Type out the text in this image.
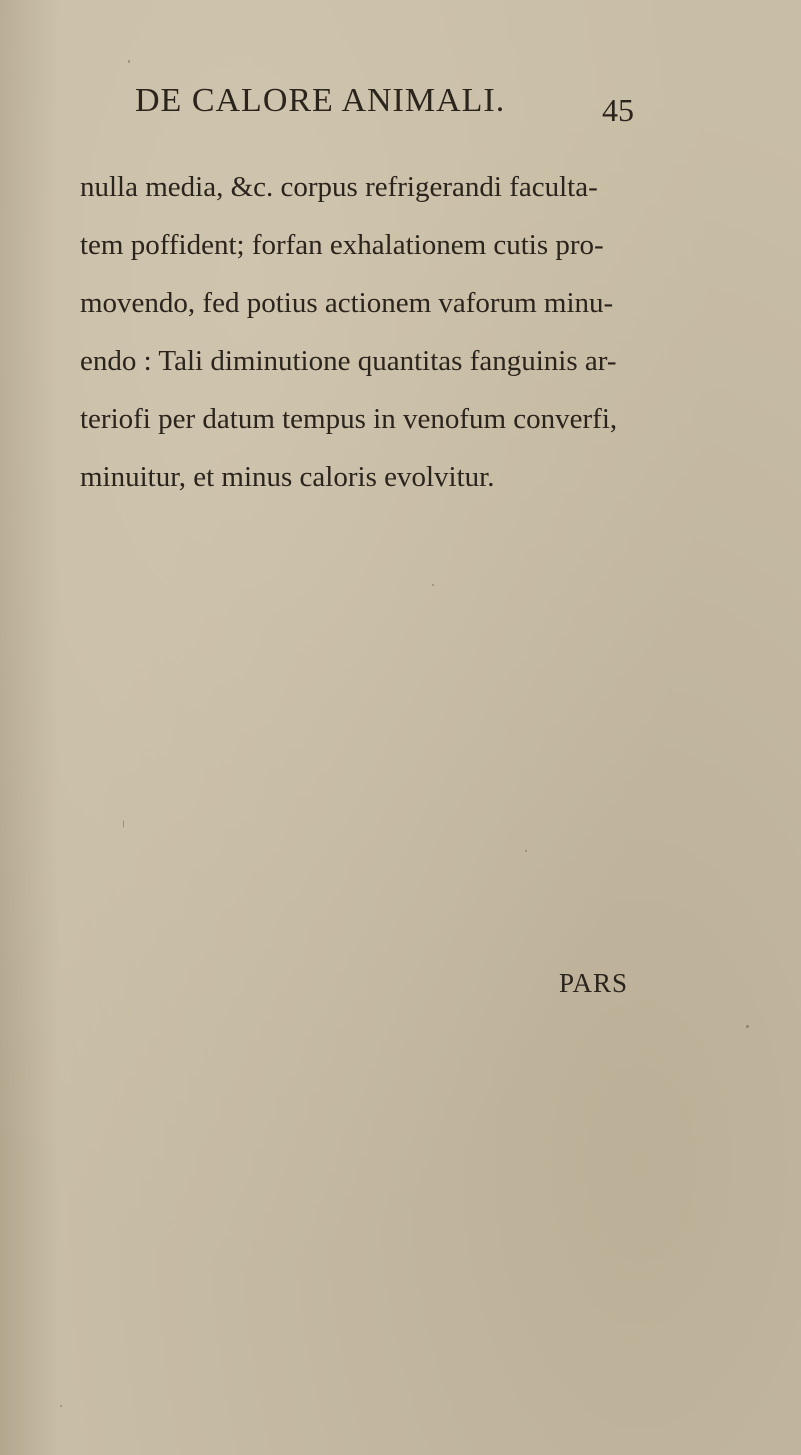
DE CALORE ANIMALI.	45
nulla media, &c. corpus refrigerandi faculta-
tem poffident; forfan exhalationem cutis pro-
movendo, fed potius actionem vaforum minu-
endo : Tali diminutione quantitas fanguinis ar-
teriofi per datum tempus in venofum converfi,
minuitur, et minus caloris evolvitur.
PARS
